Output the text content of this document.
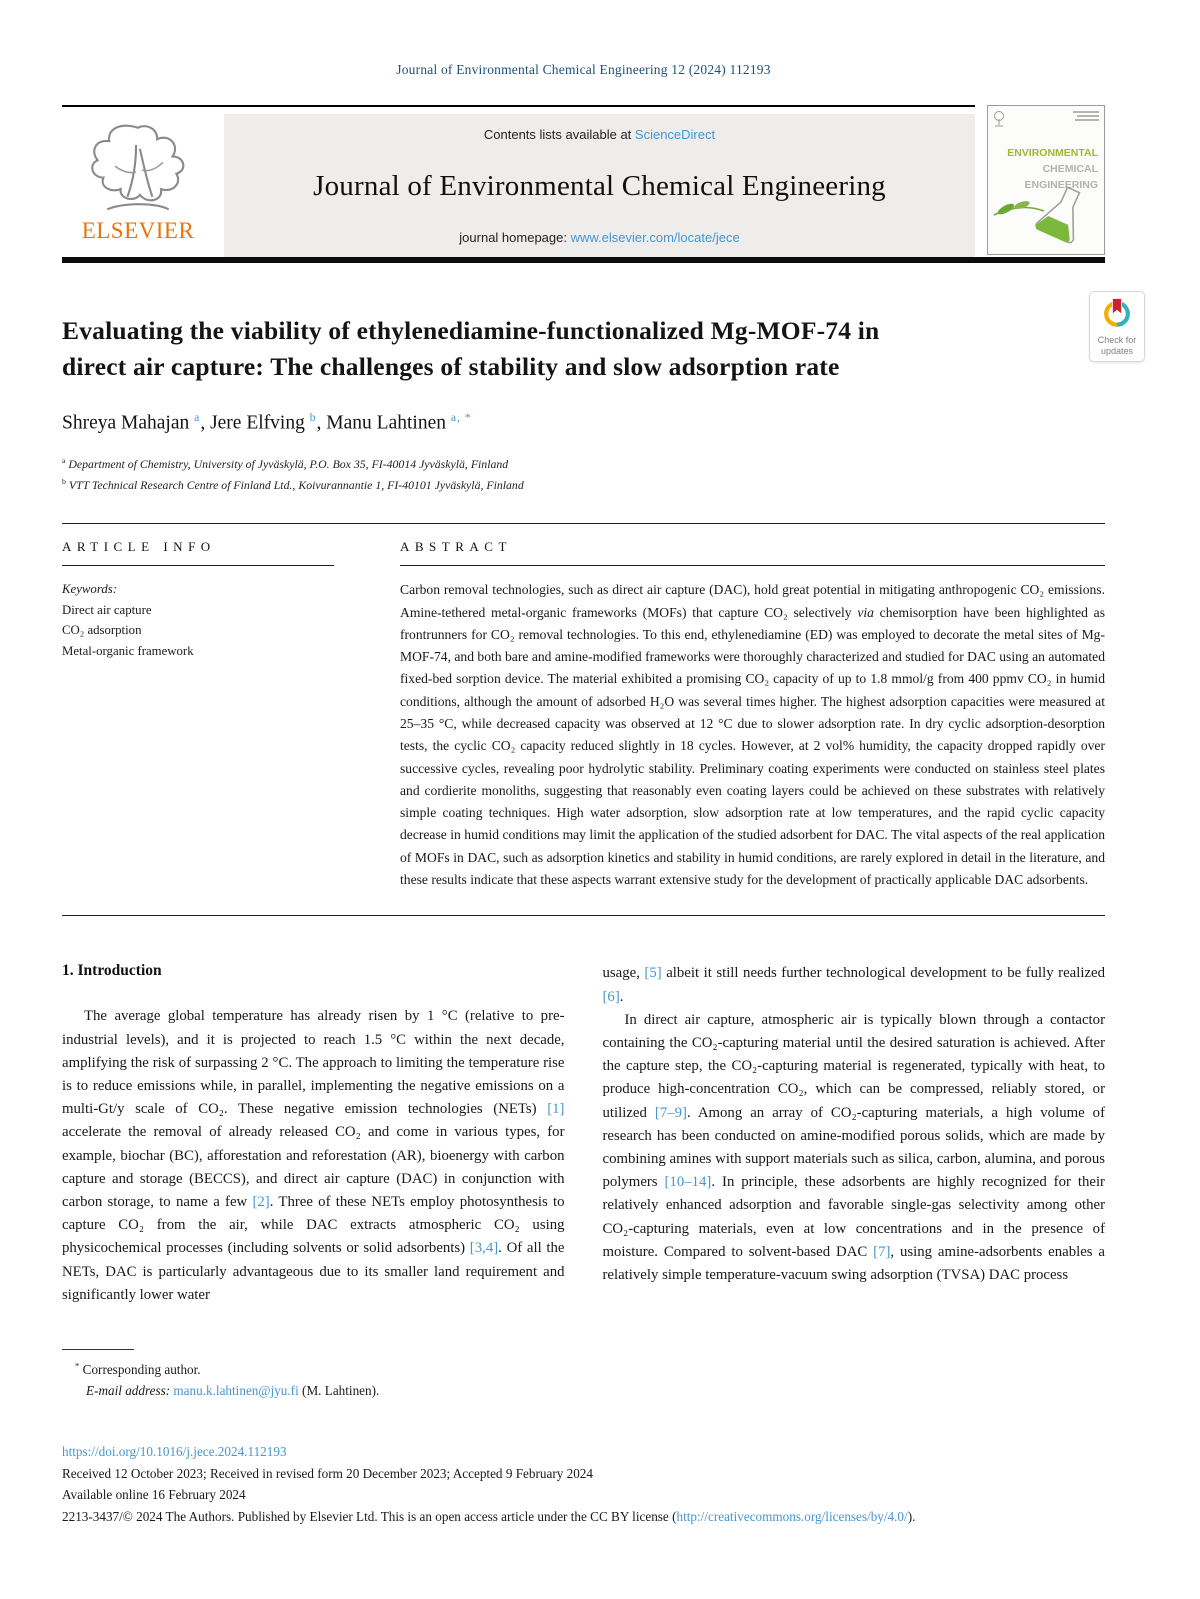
Journal of Environmental Chemical Engineering 12 (2024) 112193
ELSEVIER
Contents lists available at ScienceDirect
Journal of Environmental Chemical Engineering
journal homepage: www.elsevier.com/locate/jece
ENVIRONMENTAL
CHEMICAL
ENGINEERING
Evaluating the viability of ethylenediamine-functionalized Mg-MOF-74 in
direct air capture: The challenges of stability and slow adsorption rate
Check for
updates
Shreya Mahajan $^a$, Jere Elfving $^b$, Manu Lahtinen $^{a, *}$
$^a$ Department of Chemistry, University of Jyväskylä, P.O. Box 35, FI-40014 Jyväskylä, Finland
$^b$ VTT Technical Research Centre of Finland Ltd., Koivurannantie 1, FI-40101 Jyväskylä, Finland
ARTICLE INFO
Keywords:
Direct air capture
CO₂ adsorption
Metal-organic framework
ABSTRACT
Carbon removal technologies, such as direct air capture (DAC), hold great potential in mitigating anthropogenic CO₂ emissions. Amine-tethered metal-organic frameworks (MOFs) that capture CO₂ selectively via chemisorption have been highlighted as frontrunners for CO₂ removal technologies. To this end, ethylenediamine (ED) was employed to decorate the metal sites of Mg-MOF-74, and both bare and amine-modified frameworks were thoroughly characterized and studied for DAC using an automated fixed-bed sorption device. The material exhibited a promising CO₂ capacity of up to 1.8 mmol/g from 400 ppmv CO₂ in humid conditions, although the amount of adsorbed H₂O was several times higher. The highest adsorption capacities were measured at 25–35 °C, while decreased capacity was observed at 12 °C due to slower adsorption rate. In dry cyclic adsorption-desorption tests, the cyclic CO₂ capacity reduced slightly in 18 cycles. However, at 2 vol% humidity, the capacity dropped rapidly over successive cycles, revealing poor hydrolytic stability. Preliminary coating experiments were conducted on stainless steel plates and cordierite monoliths, suggesting that reasonably even coating layers could be achieved on these substrates with relatively simple coating techniques. High water adsorption, slow adsorption rate at low temperatures, and the rapid cyclic capacity decrease in humid conditions may limit the application of the studied adsorbent for DAC. The vital aspects of the real application of MOFs in DAC, such as adsorption kinetics and stability in humid conditions, are rarely explored in detail in the literature, and these results indicate that these aspects warrant extensive study for the development of practically applicable DAC adsorbents.
1. Introduction

The average global temperature has already risen by 1 °C (relative to pre-industrial levels), and it is projected to reach 1.5 °C within the next decade, amplifying the risk of surpassing 2 °C. The approach to limiting the temperature rise is to reduce emissions while, in parallel, implementing the negative emissions on a multi-Gt/y scale of CO₂. These negative emission technologies (NETs) [1] accelerate the removal of already released CO₂ and come in various types, for example, biochar (BC), afforestation and reforestation (AR), bioenergy with carbon capture and storage (BECCS), and direct air capture (DAC) in conjunction with carbon storage, to name a few [2]. Three of these NETs employ photosynthesis to capture CO₂ from the air, while DAC extracts atmospheric CO₂ using physicochemical processes (including solvents or solid adsorbents) [3,4]. Of all the NETs, DAC is particularly advantageous due to its smaller land requirement and significantly lower water

usage, [5] albeit it still needs further technological development to be fully realized [6].

In direct air capture, atmospheric air is typically blown through a contactor containing the CO₂-capturing material until the desired saturation is achieved. After the capture step, the CO₂-capturing material is regenerated, typically with heat, to produce high-concentration CO₂, which can be compressed, reliably stored, or utilized [7–9]. Among an array of CO₂-capturing materials, a high volume of research has been conducted on amine-modified porous solids, which are made by combining amines with support materials such as silica, carbon, alumina, and porous polymers [10–14]. In principle, these adsorbents are highly recognized for their relatively enhanced adsorption and favorable single-gas selectivity among other CO₂-capturing materials, even at low concentrations and in the presence of moisture. Compared to solvent-based DAC [7], using amine-adsorbents enables a relatively simple temperature-vacuum swing adsorption (TVSA) DAC process

* Corresponding author.
E-mail address: manu.k.lahtinen@jyu.fi (M. Lahtinen).
https://doi.org/10.1016/j.jece.2024.112193
Received 12 October 2023; Received in revised form 20 December 2023; Accepted 9 February 2024
Available online 16 February 2024
2213-3437/© 2024 The Authors. Published by Elsevier Ltd. This is an open access article under the CC BY license (http://creativecommons.org/licenses/by/4.0/).
